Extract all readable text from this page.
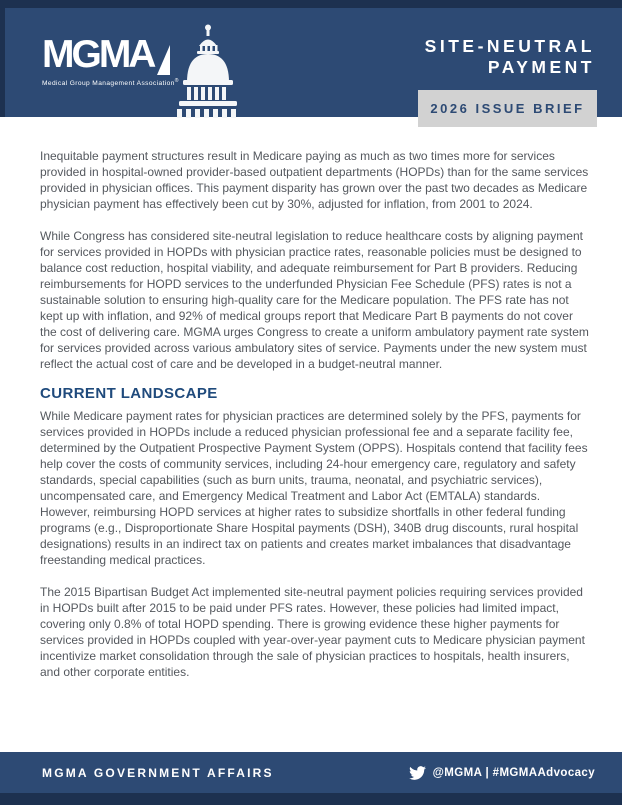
MGMA
Medical Group Management Association®
SITE-NEUTRAL
PAYMENT
2026 ISSUE BRIEF

Inequitable payment structures result in Medicare paying as much as two times more for services provided in hospital-owned provider-based outpatient departments (HOPDs) than for the same services provided in physician offices. This payment disparity has grown over the past two decades as Medicare physician payment has effectively been cut by 30%, adjusted for inflation, from 2001 to 2024.

While Congress has considered site-neutral legislation to reduce healthcare costs by aligning payment for services provided in HOPDs with physician practice rates, reasonable policies must be designed to balance cost reduction, hospital viability, and adequate reimbursement for Part B providers. Reducing reimbursements for HOPD services to the underfunded Physician Fee Schedule (PFS) rates is not a sustainable solution to ensuring high-quality care for the Medicare population. The PFS rate has not kept up with inflation, and 92% of medical groups report that Medicare Part B payments do not cover the cost of delivering care. MGMA urges Congress to create a uniform ambulatory payment rate system for services provided across various ambulatory sites of service. Payments under the new system must reflect the actual cost of care and be developed in a budget-neutral manner.

CURRENT LANDSCAPE

While Medicare payment rates for physician practices are determined solely by the PFS, payments for services provided in HOPDs include a reduced physician professional fee and a separate facility fee, determined by the Outpatient Prospective Payment System (OPPS). Hospitals contend that facility fees help cover the costs of community services, including 24-hour emergency care, regulatory and safety standards, special capabilities (such as burn units, trauma, neonatal, and psychiatric services), uncompensated care, and Emergency Medical Treatment and Labor Act (EMTALA) standards. However, reimbursing HOPD services at higher rates to subsidize shortfalls in other federal funding programs (e.g., Disproportionate Share Hospital payments (DSH), 340B drug discounts, rural hospital designations) results in an indirect tax on patients and creates market imbalances that disadvantage freestanding medical practices.

The 2015 Bipartisan Budget Act implemented site-neutral payment policies requiring services provided in HOPDs built after 2015 to be paid under PFS rates. However, these policies had limited impact, covering only 0.8% of total HOPD spending. There is growing evidence these higher payments for services provided in HOPDs coupled with year-over-year payment cuts to Medicare physician payment incentivize market consolidation through the sale of physician practices to hospitals, health insurers, and other corporate entities.

MGMA GOVERNMENT AFFAIRS	@MGMA | #MGMAAdvocacy
